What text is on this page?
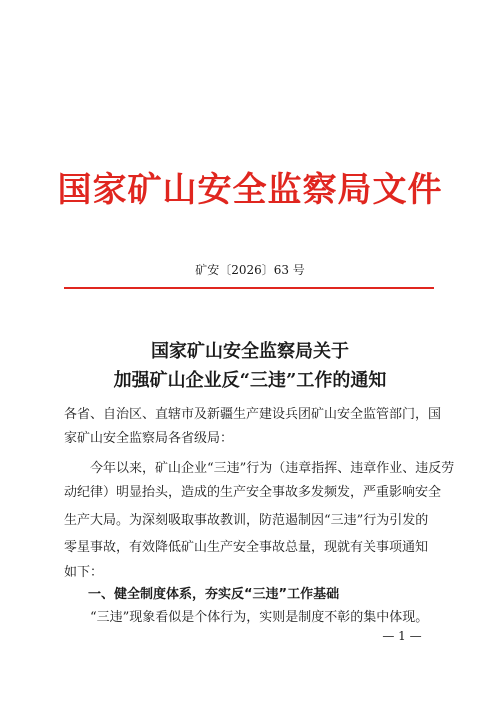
国家矿山安全监察局文件
矿安〔2026〕63 号
国家矿山安全监察局关于
加强矿山企业反“三违”工作的通知
各省、自治区、直辖市及新疆生产建设兵团矿山安全监管部门，国
家矿山安全监察局各省级局：
　　今年以来，矿山企业“三违”行为（违章指挥、违章作业、违反劳
动纪律）明显抬头，造成的生产安全事故多发频发，严重影响安全
生产大局。为深刻吸取事故教训，防范遏制因“三违”行为引发的
零星事故，有效降低矿山生产安全事故总量，现就有关事项通知
如下：
一、健全制度体系，夯实反“三违”工作基础
　　“三违”现象看似是个体行为，实则是制度不彰的集中体现。
— 1 —
